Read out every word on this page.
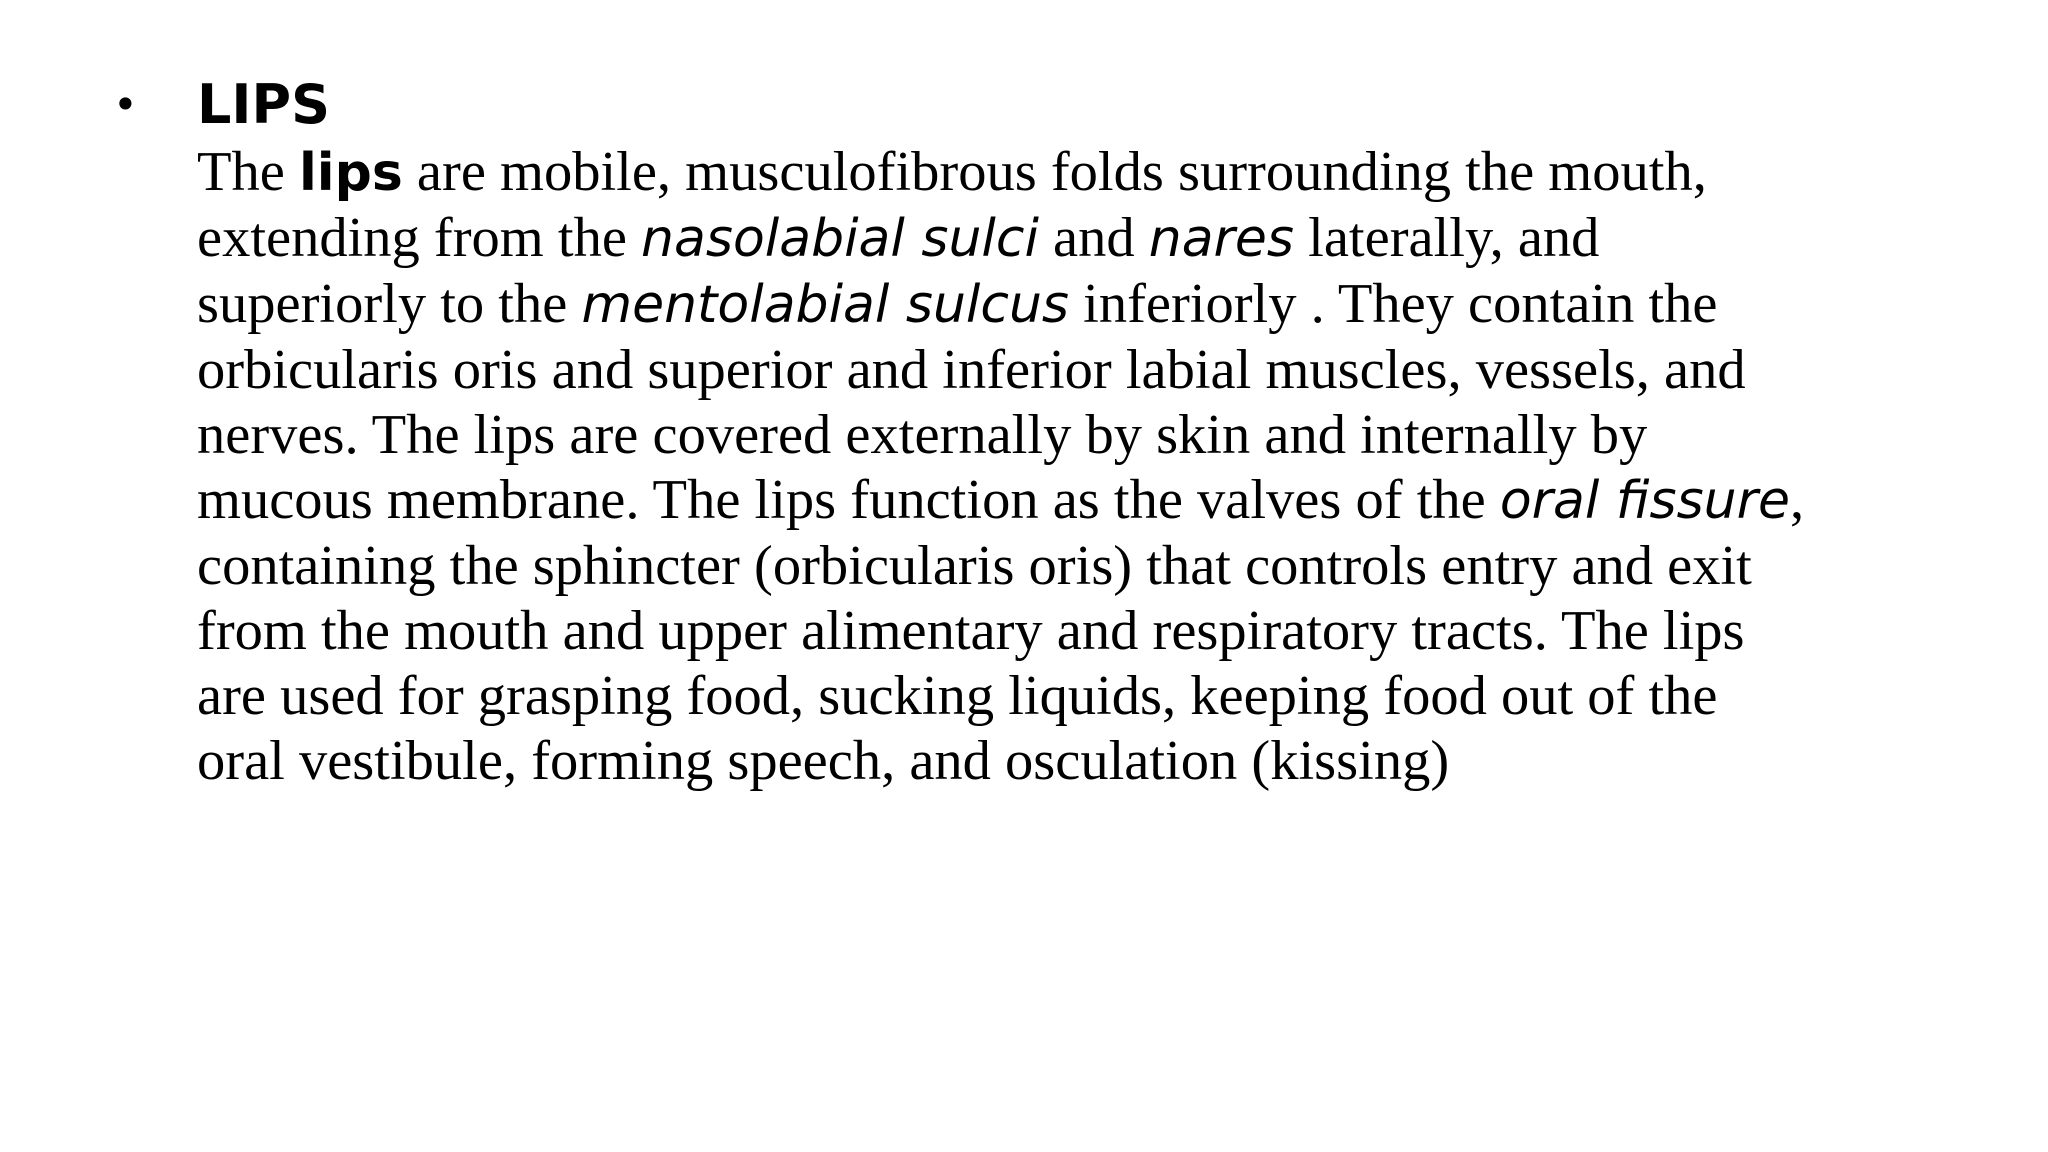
• LIPS
The lips are mobile, musculofibrous folds surrounding the mouth,
extending from the nasolabial sulci and nares laterally, and
superiorly to the mentolabial sulcus inferiorly . They contain the
orbicularis oris and superior and inferior labial muscles, vessels, and
nerves. The lips are covered externally by skin and internally by
mucous membrane. The lips function as the valves of the oral fissure,
containing the sphincter (orbicularis oris) that controls entry and exit
from the mouth and upper alimentary and respiratory tracts. The lips
are used for grasping food, sucking liquids, keeping food out of the
oral vestibule, forming speech, and osculation (kissing)
